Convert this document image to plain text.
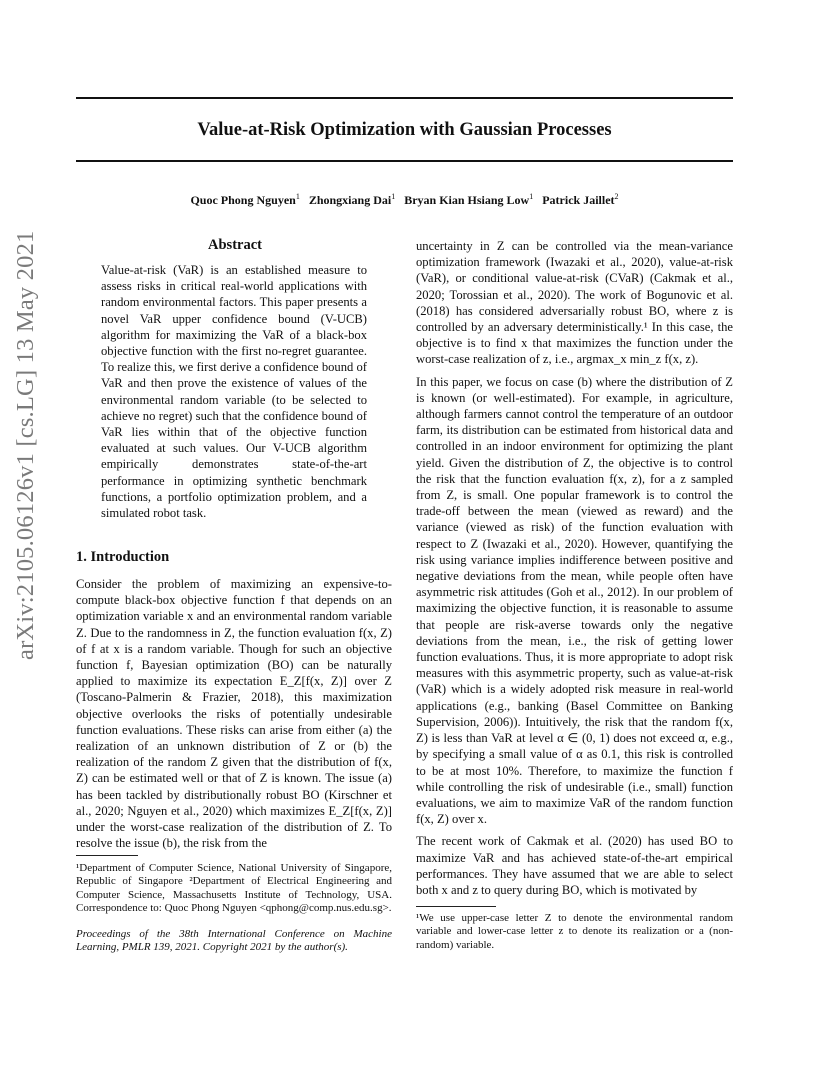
Value-at-Risk Optimization with Gaussian Processes
Quoc Phong Nguyen$^1$ Zhongxiang Dai$^1$ Bryan Kian Hsiang Low$^1$ Patrick Jaillet$^2$
arXiv:2105.06126v1 [cs.LG] 13 May 2021	Abstract

Value-at-risk (VaR) is an established measure to assess risks in critical real-world applications with random environmental factors. This paper presents a novel VaR upper confidence bound (V-UCB) algorithm for maximizing the VaR of a black-box objective function with the first no-regret guarantee. To realize this, we first derive a confidence bound of VaR and then prove the existence of values of the environmental random variable (to be selected to achieve no regret) such that the confidence bound of VaR lies within that of the objective function evaluated at such values. Our V-UCB algorithm empirically demonstrates state-of-the-art performance in optimizing synthetic benchmark functions, a portfolio optimization problem, and a simulated robot task.

1. Introduction

Consider the problem of maximizing an expensive-to-compute black-box objective function f that depends on an optimization variable x and an environmental random variable Z. Due to the randomness in Z, the function evaluation f(x, Z) of f at x is a random variable. Though for such an objective function f, Bayesian optimization (BO) can be naturally applied to maximize its expectation E_Z[f(x, Z)] over Z (Toscano-Palmerin & Frazier, 2018), this maximization objective overlooks the risks of potentially undesirable function evaluations. These risks can arise from either (a) the realization of an unknown distribution of Z or (b) the realization of the random Z given that the distribution of f(x, Z) can be estimated well or that of Z is known. The issue (a) has been tackled by distributionally robust BO (Kirschner et al., 2020; Nguyen et al., 2020) which maximizes E_Z[f(x, Z)] under the worst-case realization of the distribution of Z. To resolve the issue (b), the risk from the

uncertainty in Z can be controlled via the mean-variance optimization framework (Iwazaki et al., 2020), value-at-risk (VaR), or conditional value-at-risk (CVaR) (Cakmak et al., 2020; Torossian et al., 2020). The work of Bogunovic et al. (2018) has considered adversarially robust BO, where z is controlled by an adversary deterministically.¹ In this case, the objective is to find x that maximizes the function under the worst-case realization of z, i.e., argmax_x min_z f(x, z).

In this paper, we focus on case (b) where the distribution of Z is known (or well-estimated). For example, in agriculture, although farmers cannot control the temperature of an outdoor farm, its distribution can be estimated from historical data and controlled in an indoor environment for optimizing the plant yield. Given the distribution of Z, the objective is to control the risk that the function evaluation f(x, z), for a z sampled from Z, is small. One popular framework is to control the trade-off between the mean (viewed as reward) and the variance (viewed as risk) of the function evaluation with respect to Z (Iwazaki et al., 2020). However, quantifying the risk using variance implies indifference between positive and negative deviations from the mean, while people often have asymmetric risk attitudes (Goh et al., 2012). In our problem of maximizing the objective function, it is reasonable to assume that people are risk-averse towards only the negative deviations from the mean, i.e., the risk of getting lower function evaluations. Thus, it is more appropriate to adopt risk measures with this asymmetric property, such as value-at-risk (VaR) which is a widely adopted risk measure in real-world applications (e.g., banking (Basel Committee on Banking Supervision, 2006)). Intuitively, the risk that the random f(x, Z) is less than VaR at level α ∈ (0, 1) does not exceed α, e.g., by specifying a small value of α as 0.1, this risk is controlled to be at most 10%. Therefore, to maximize the function f while controlling the risk of undesirable (i.e., small) function evaluations, we aim to maximize VaR of the random function f(x, Z) over x.

The recent work of Cakmak et al. (2020) has used BO to maximize VaR and has achieved state-of-the-art empirical performances. They have assumed that we are able to select both x and z to query during BO, which is motivated by

¹Department of Computer Science, National University of Singapore, Republic of Singapore ²Department of Electrical Engineering and Computer Science, Massachusetts Institute of Technology, USA. Correspondence to: Quoc Phong Nguyen <qphong@comp.nus.edu.sg>.
Proceedings of the 38th International Conference on Machine Learning, PMLR 139, 2021. Copyright 2021 by the author(s).
¹We use upper-case letter Z to denote the environmental random variable and lower-case letter z to denote its realization or a (non-random) variable.
